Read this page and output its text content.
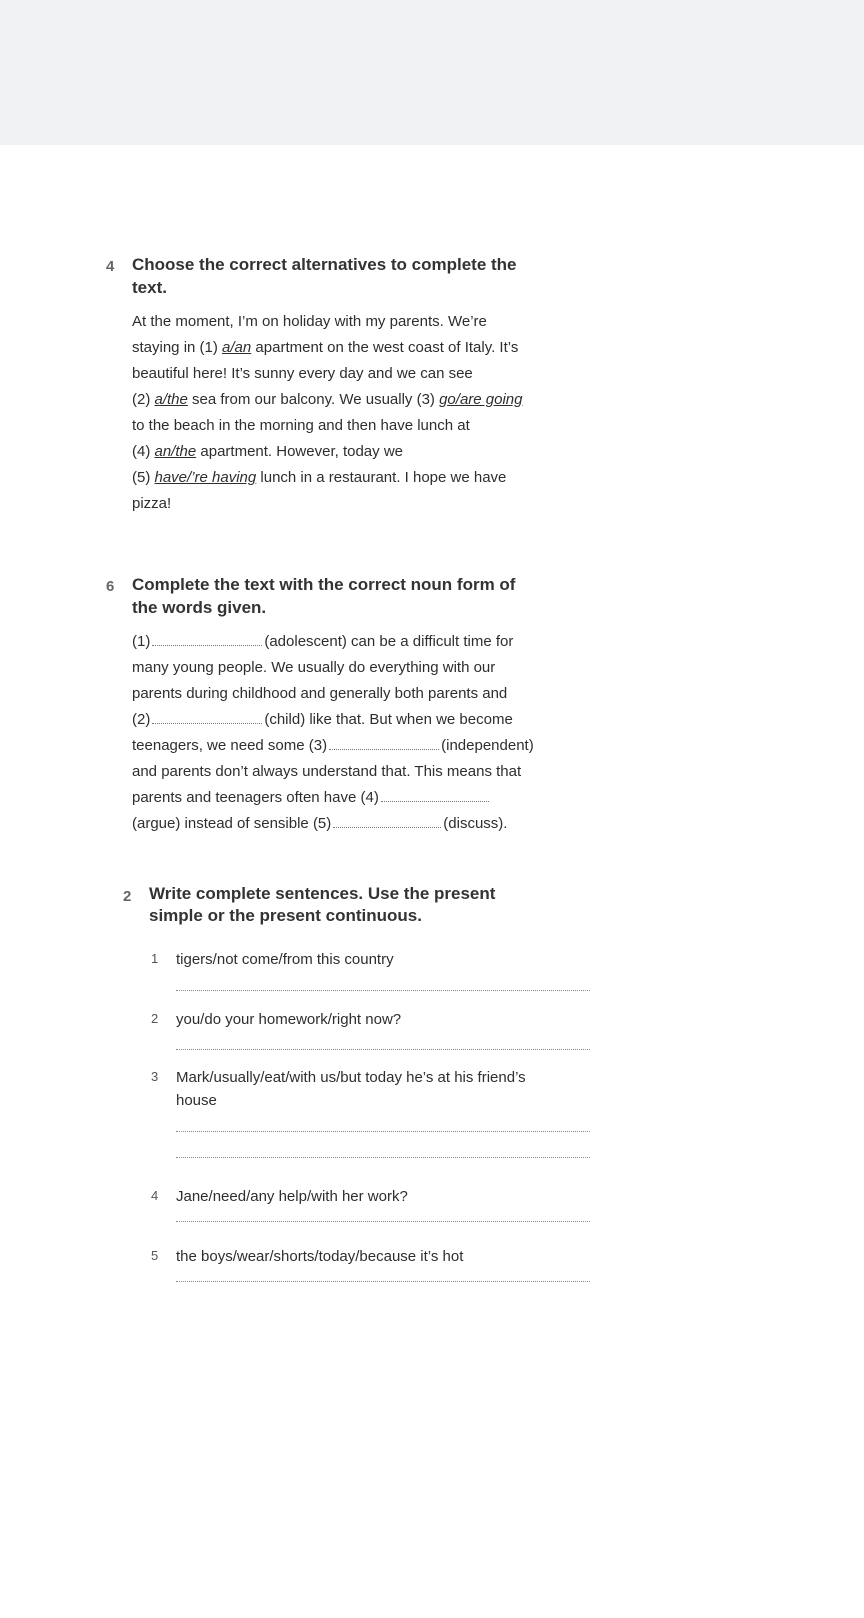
4 Choose the correct alternatives to complete the
text.
At the moment, I’m on holiday with my parents. We’re
staying in (1) a/an apartment on the west coast of Italy. It’s
beautiful here! It’s sunny every day and we can see
(2) a/the sea from our balcony. We usually (3) go/are going
to the beach in the morning and then have lunch at
(4) an/the apartment. However, today we
(5) have/’re having lunch in a restaurant. I hope we have
pizza!
6 Complete the text with the correct noun form of
the words given.
(1)	(adolescent) can be a difficult time for
many young people. We usually do everything with our
parents during childhood and generally both parents and
(2)	(child) like that. But when we become
teenagers, we need some (3)	(independent)
and parents don’t always understand that. This means that
parents and teenagers often have (4)
(argue) instead of sensible (5)	(discuss).
2 Write complete sentences. Use the present
simple or the present continuous.
1 tigers/not come/from this country
2 you/do your homework/right now?
3 Mark/usually/eat/with us/but today he’s at his friend’s
house
4 Jane/need/any help/with her work?
5 the boys/wear/shorts/today/because it’s hot
